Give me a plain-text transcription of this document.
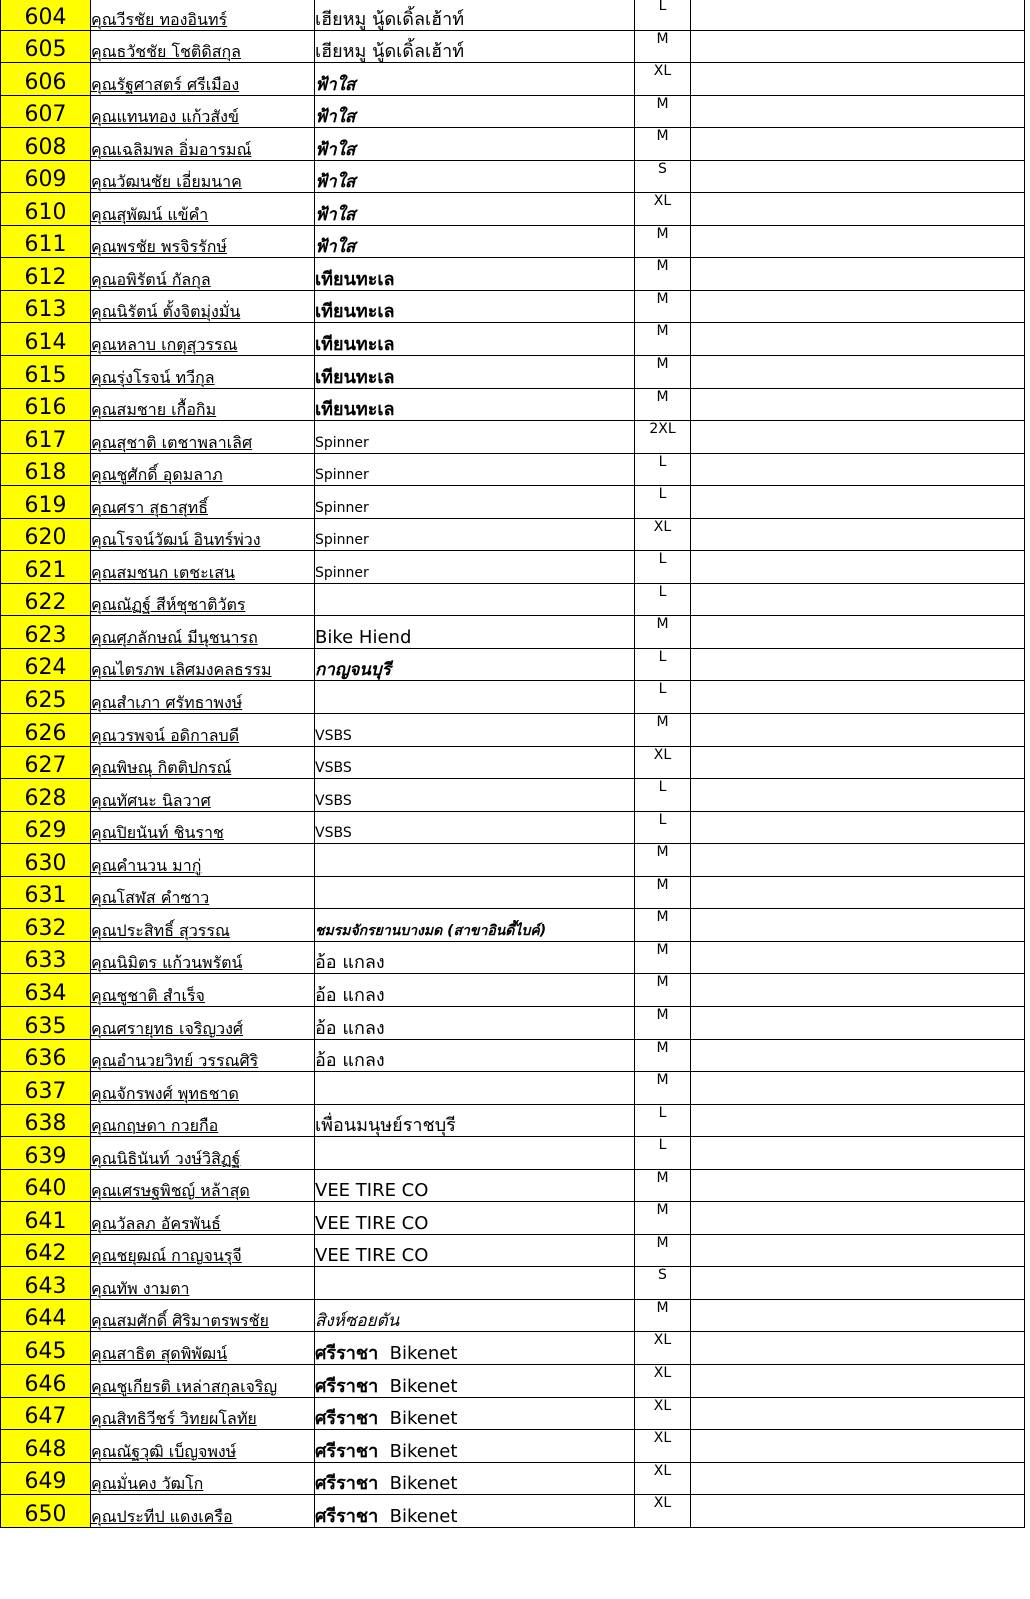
604	คุณวีรชัย ทองอินทร์	เฮียหมู นู้ดเดิ้ลเฮ้าท์	L	
605	คุณธวัชชัย โชติดิสกุล	เฮียหมู นู้ดเดิ้ลเฮ้าท์	M	
606	คุณรัฐศาสตร์ ศรีเมือง	ฟ้าใส	XL	
607	คุณแทนทอง แก้วสังข์	ฟ้าใส	M	
608	คุณเฉลิมพล อิ่มอารมณ์	ฟ้าใส	M	
609	คุณวัฒนชัย เอี่ยมนาค	ฟ้าใส	S	
610	คุณสุพัฒน์ แข้คำ	ฟ้าใส	XL	
611	คุณพรชัย พรจิรรักษ์	ฟ้าใส	M	
612	คุณอพิรัตน์ กัลกุล	เทียนทะเล	M	
613	คุณนิรัตน์ ตั้งจิตมุ่งมั่น	เทียนทะเล	M	
614	คุณหลาบ เกตุสุวรรณ	เทียนทะเล	M	
615	คุณรุ่งโรจน์ ทวีกุล	เทียนทะเล	M	
616	คุณสมชาย เกื้อกิม	เทียนทะเล	M	
617	คุณสุชาติ เตชาพลาเลิศ	Spinner	2XL	
618	คุณชูศักดิ์ อุดมลาภ	Spinner	L	
619	คุณศรา สุธาสุทธิ์	Spinner	L	
620	คุณโรจน์วัฒน์ อินทร์พ่วง	Spinner	XL	
621	คุณสมชนก เตชะเสน	Spinner	L	
622	คุณณัฏฐ์ สีห์ชุชาติวัตร		L	
623	คุณศุภลักษณ์ มีนุชนารถ	Bike Hiend	M	
624	คุณไตรภพ เลิศมงคลธรรม	กาญจนบุรี	L	
625	คุณสำเภา ศรัทธาพงษ์		L	
626	คุณวรพจน์ อดิกาลบดี	VSBS	M	
627	คุณพิษณุ กิตติปกรณ์	VSBS	XL	
628	คุณทัศนะ นิลวาศ	VSBS	L	
629	คุณปิยนันท์ ชินราช	VSBS	L	
630	คุณคำนวน มากู่		M	
631	คุณโสฬส คำซาว		M	
632	คุณประสิทธิ์ สุวรรณ	ชมรมจักรยานบางมด (สาขาอินดี้ไบค์)	M	
633	คุณนิมิตร แก้วนพรัตน์	อ้อ แกลง	M	
634	คุณชูชาติ สำเร็จ	อ้อ แกลง	M	
635	คุณศรายุทธ เจริญวงศ์	อ้อ แกลง	M	
636	คุณอำนวยวิทย์ วรรณศิริ	อ้อ แกลง	M	
637	คุณจักรพงศ์ พุทธชาด		M	
638	คุณกฤษดา กวยกือ	เพื่อนมนุษย์ราชบุรี	L	
639	คุณนิธินันท์ วงษ์วิสิฏฐ์		L	
640	คุณเศรษฐพิชญ์ หล้าสุด	VEE TIRE CO	M	
641	คุณวัลลภ อัครพันธ์	VEE TIRE CO	M	
642	คุณชยุฒณ์ กาญจนรุจี	VEE TIRE CO	M	
643	คุณทัพ งามตา		S	
644	คุณสมศักดิ์ ศิริมาตรพรชัย	สิงห์ซอยตัน	M	
645	คุณสาธิต สุดพิพัฒน์	ศรีราชา  Bikenet	XL	
646	คุณชูเกียรติ เหล่าสกุลเจริญ	ศรีราชา  Bikenet	XL	
647	คุณสิทธิวีชร์ วิทยผโลทัย	ศรีราชา  Bikenet	XL	
648	คุณณัฐวุฒิ เบ็ญจพงษ์	ศรีราชา  Bikenet	XL	
649	คุณมั่นคง วัฒโก	ศรีราชา  Bikenet	XL	
650	คุณประทีป แดงเครือ	ศรีราชา  Bikenet	XL	
